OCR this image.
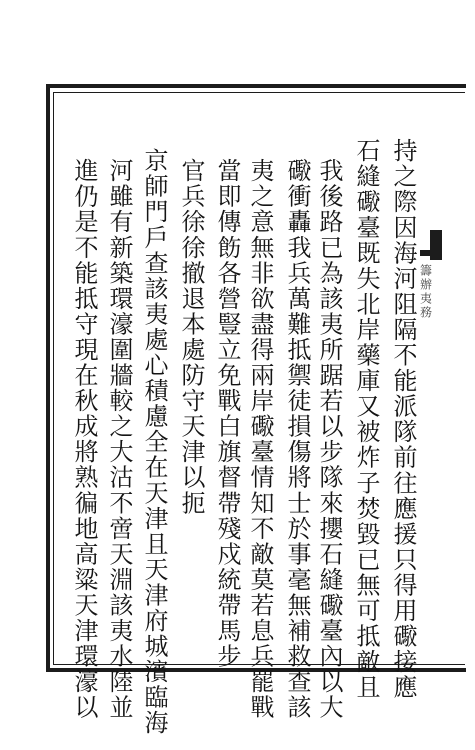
籌辦夷務
持之際因海河阻隔不能派隊前往應援只得用礮接應
石縫礮臺既失北岸藥庫又被炸子焚毀已無可抵敵且
我後路已為該夷所踞若以步隊來攖石縫礮臺內以大
礮衝轟我兵萬難抵禦徒損傷將士於事毫無補救查該
夷之意無非欲盡得兩岸礮臺情知不敵莫若息兵罷戰
當即傳飭各營豎立免戰白旗督帶殘戍統帶馬步
官兵徐徐撤退本處防守天津以扼
京師門戶查該夷處心積慮全在天津且天津府城濱臨海
河雖有新築環濠圍牆較之大沽不啻天淵該夷水陸並
進仍是不能抵守現在秋成將熟徧地高粱天津環濠以
